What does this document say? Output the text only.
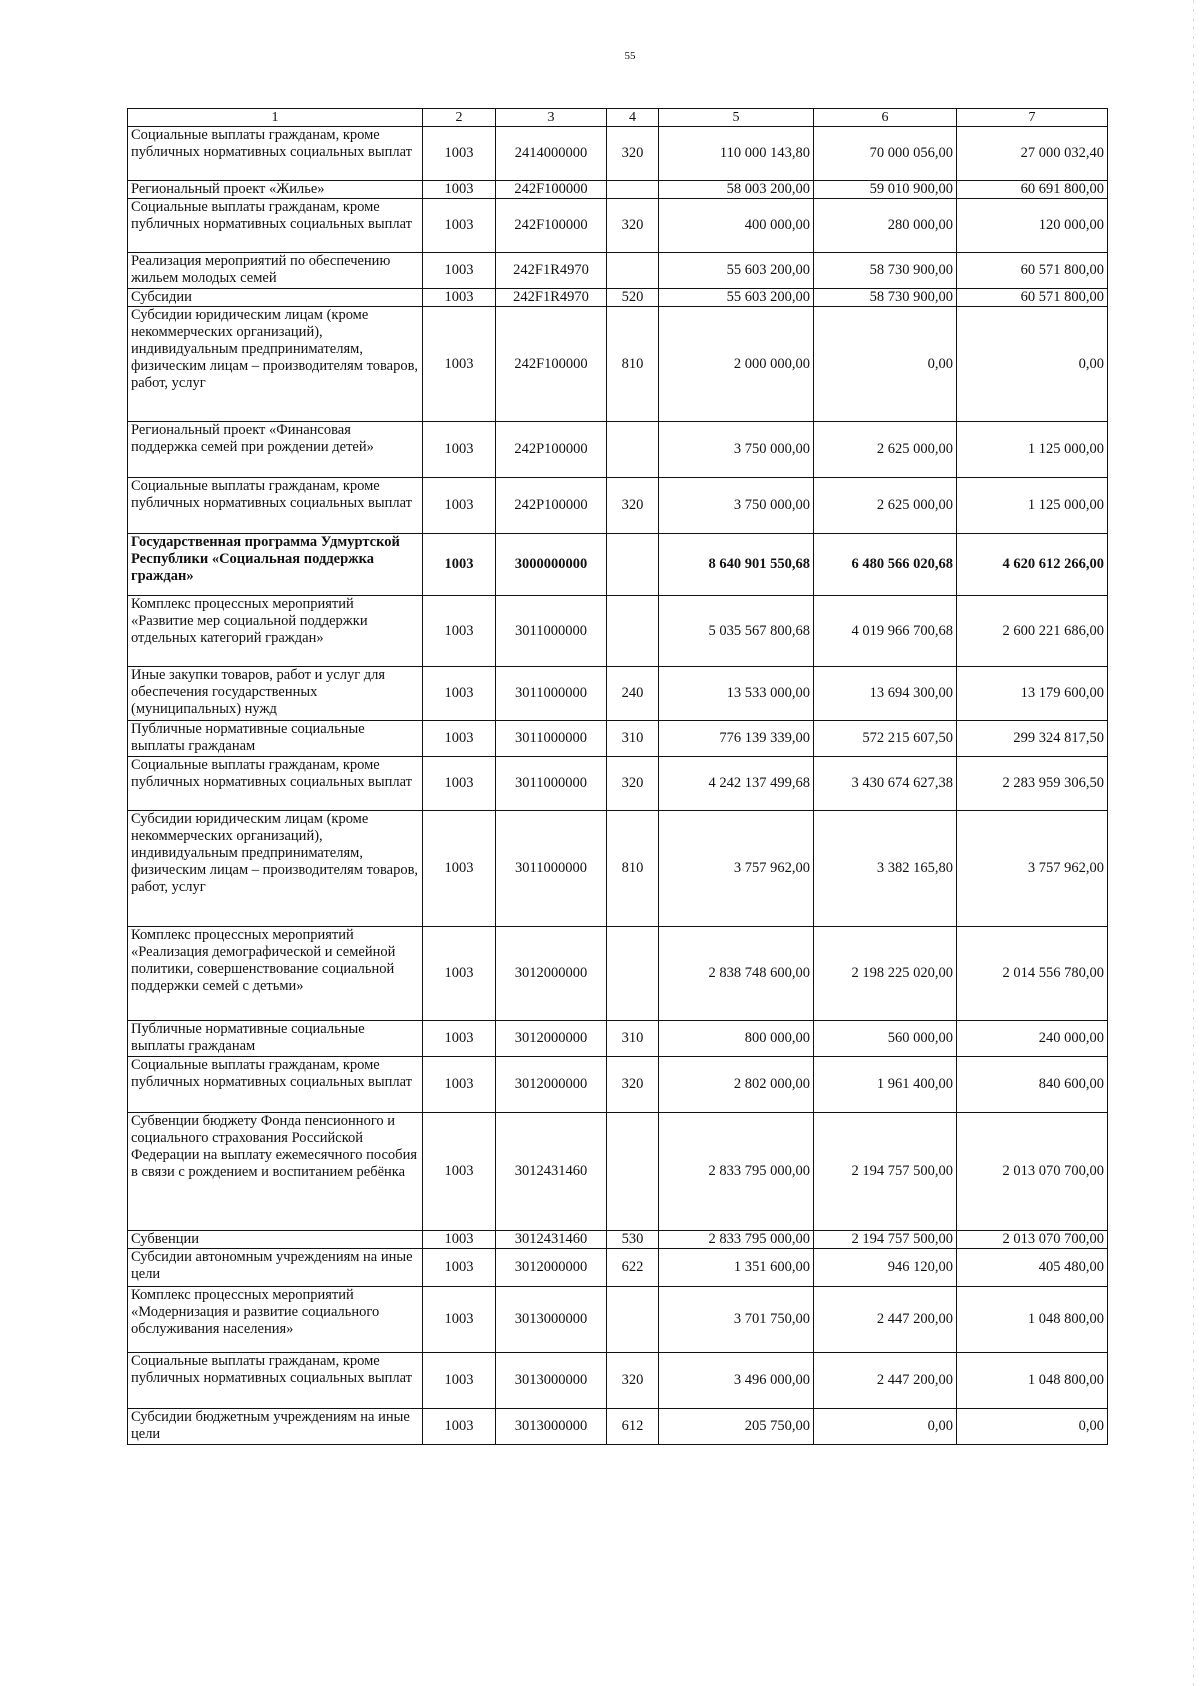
55
1	2	3	4	5	6	7
Социальные выплаты гражданам, кроме публичных нормативных социальных выплат	1003	2414000000	320	110 000 143,80	70 000 056,00	27 000 032,40
Региональный проект «Жилье»	1003	242F100000		58 003 200,00	59 010 900,00	60 691 800,00
Социальные выплаты гражданам, кроме публичных нормативных социальных выплат	1003	242F100000	320	400 000,00	280 000,00	120 000,00
Реализация мероприятий по обеспечению жильем молодых семей	1003	242F1R4970		55 603 200,00	58 730 900,00	60 571 800,00
Субсидии	1003	242F1R4970	520	55 603 200,00	58 730 900,00	60 571 800,00
Субсидии юридическим лицам (кроме некоммерческих организаций), индивидуальным предпринимателям, физическим лицам – производителям товаров, работ, услуг	1003	242F100000	810	2 000 000,00	0,00	0,00
Региональный проект «Финансовая поддержка семей при рождении детей»	1003	242P100000		3 750 000,00	2 625 000,00	1 125 000,00
Социальные выплаты гражданам, кроме публичных нормативных социальных выплат	1003	242P100000	320	3 750 000,00	2 625 000,00	1 125 000,00
Государственная программа Удмуртской Республики «Социальная поддержка граждан»	1003	3000000000		8 640 901 550,68	6 480 566 020,68	4 620 612 266,00
Комплекс процессных мероприятий «Развитие мер социальной поддержки отдельных категорий граждан»	1003	3011000000		5 035 567 800,68	4 019 966 700,68	2 600 221 686,00
Иные закупки товаров, работ и услуг для обеспечения государственных (муниципальных) нужд	1003	3011000000	240	13 533 000,00	13 694 300,00	13 179 600,00
Публичные нормативные социальные выплаты гражданам	1003	3011000000	310	776 139 339,00	572 215 607,50	299 324 817,50
Социальные выплаты гражданам, кроме публичных нормативных социальных выплат	1003	3011000000	320	4 242 137 499,68	3 430 674 627,38	2 283 959 306,50
Субсидии юридическим лицам (кроме некоммерческих организаций), индивидуальным предпринимателям, физическим лицам – производителям товаров, работ, услуг	1003	3011000000	810	3 757 962,00	3 382 165,80	3 757 962,00
Комплекс процессных мероприятий «Реализация демографической и семейной политики, совершенствование социальной поддержки семей с детьми»	1003	3012000000		2 838 748 600,00	2 198 225 020,00	2 014 556 780,00
Публичные нормативные социальные выплаты гражданам	1003	3012000000	310	800 000,00	560 000,00	240 000,00
Социальные выплаты гражданам, кроме публичных нормативных социальных выплат	1003	3012000000	320	2 802 000,00	1 961 400,00	840 600,00
Субвенции бюджету Фонда пенсионного и социального страхования Российской Федерации на выплату ежемесячного пособия в связи с рождением и воспитанием ребёнка	1003	3012431460		2 833 795 000,00	2 194 757 500,00	2 013 070 700,00
Субвенции	1003	3012431460	530	2 833 795 000,00	2 194 757 500,00	2 013 070 700,00
Субсидии автономным учреждениям на иные цели	1003	3012000000	622	1 351 600,00	946 120,00	405 480,00
Комплекс процессных мероприятий «Модернизация и развитие социального обслуживания населения»	1003	3013000000		3 701 750,00	2 447 200,00	1 048 800,00
Социальные выплаты гражданам, кроме публичных нормативных социальных выплат	1003	3013000000	320	3 496 000,00	2 447 200,00	1 048 800,00
Субсидии бюджетным учреждениям на иные цели	1003	3013000000	612	205 750,00	0,00	0,00
